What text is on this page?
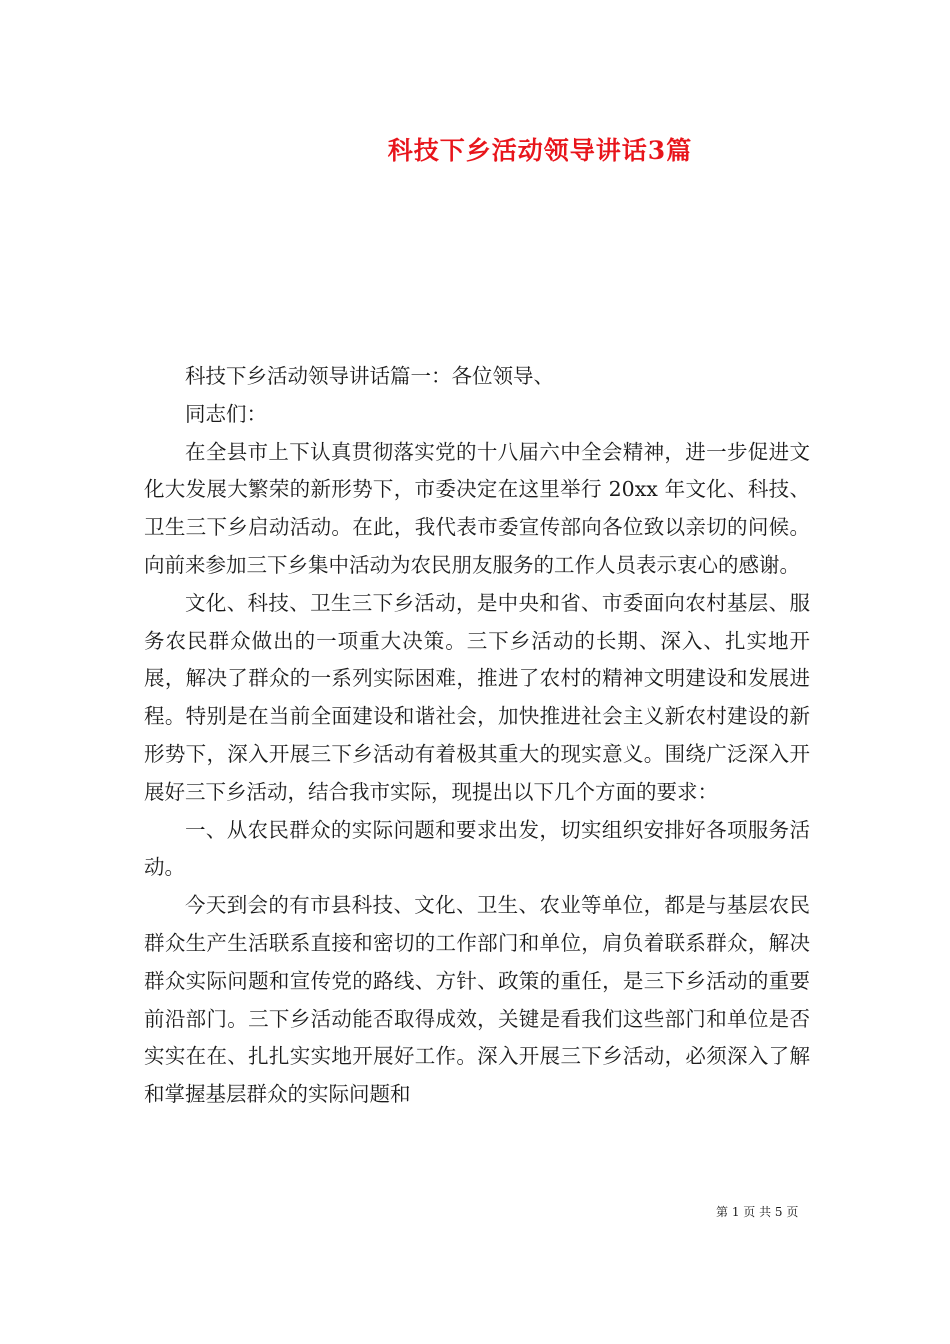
科技下乡活动领导讲话3篇

科技下乡活动领导讲话篇一：各位领导、

同志们：

在全县市上下认真贯彻落实党的十八届六中全会精神，进一步促进文化大发展大繁荣的新形势下，市委决定在这里举行 20xx 年文化、科技、卫生三下乡启动活动。在此，我代表市委宣传部向各位致以亲切的问候。向前来参加三下乡集中活动为农民朋友服务的工作人员表示衷心的感谢。

文化、科技、卫生三下乡活动，是中央和省、市委面向农村基层、服务农民群众做出的一项重大决策。三下乡活动的长期、深入、扎实地开展，解决了群众的一系列实际困难，推进了农村的精神文明建设和发展进程。特别是在当前全面建设和谐社会，加快推进社会主义新农村建设的新形势下，深入开展三下乡活动有着极其重大的现实意义。围绕广泛深入开展好三下乡活动，结合我市实际，现提出以下几个方面的要求：

一、从农民群众的实际问题和要求出发，切实组织安排好各项服务活动。

今天到会的有市县科技、文化、卫生、农业等单位，都是与基层农民群众生产生活联系直接和密切的工作部门和单位，肩负着联系群众，解决群众实际问题和宣传党的路线、方针、政策的重任，是三下乡活动的重要前沿部门。三下乡活动能否取得成效，关键是看我们这些部门和单位是否实实在在、扎扎实实地开展好工作。深入开展三下乡活动，必须深入了解和掌握基层群众的实际问题和

第 1 页 共 5 页
